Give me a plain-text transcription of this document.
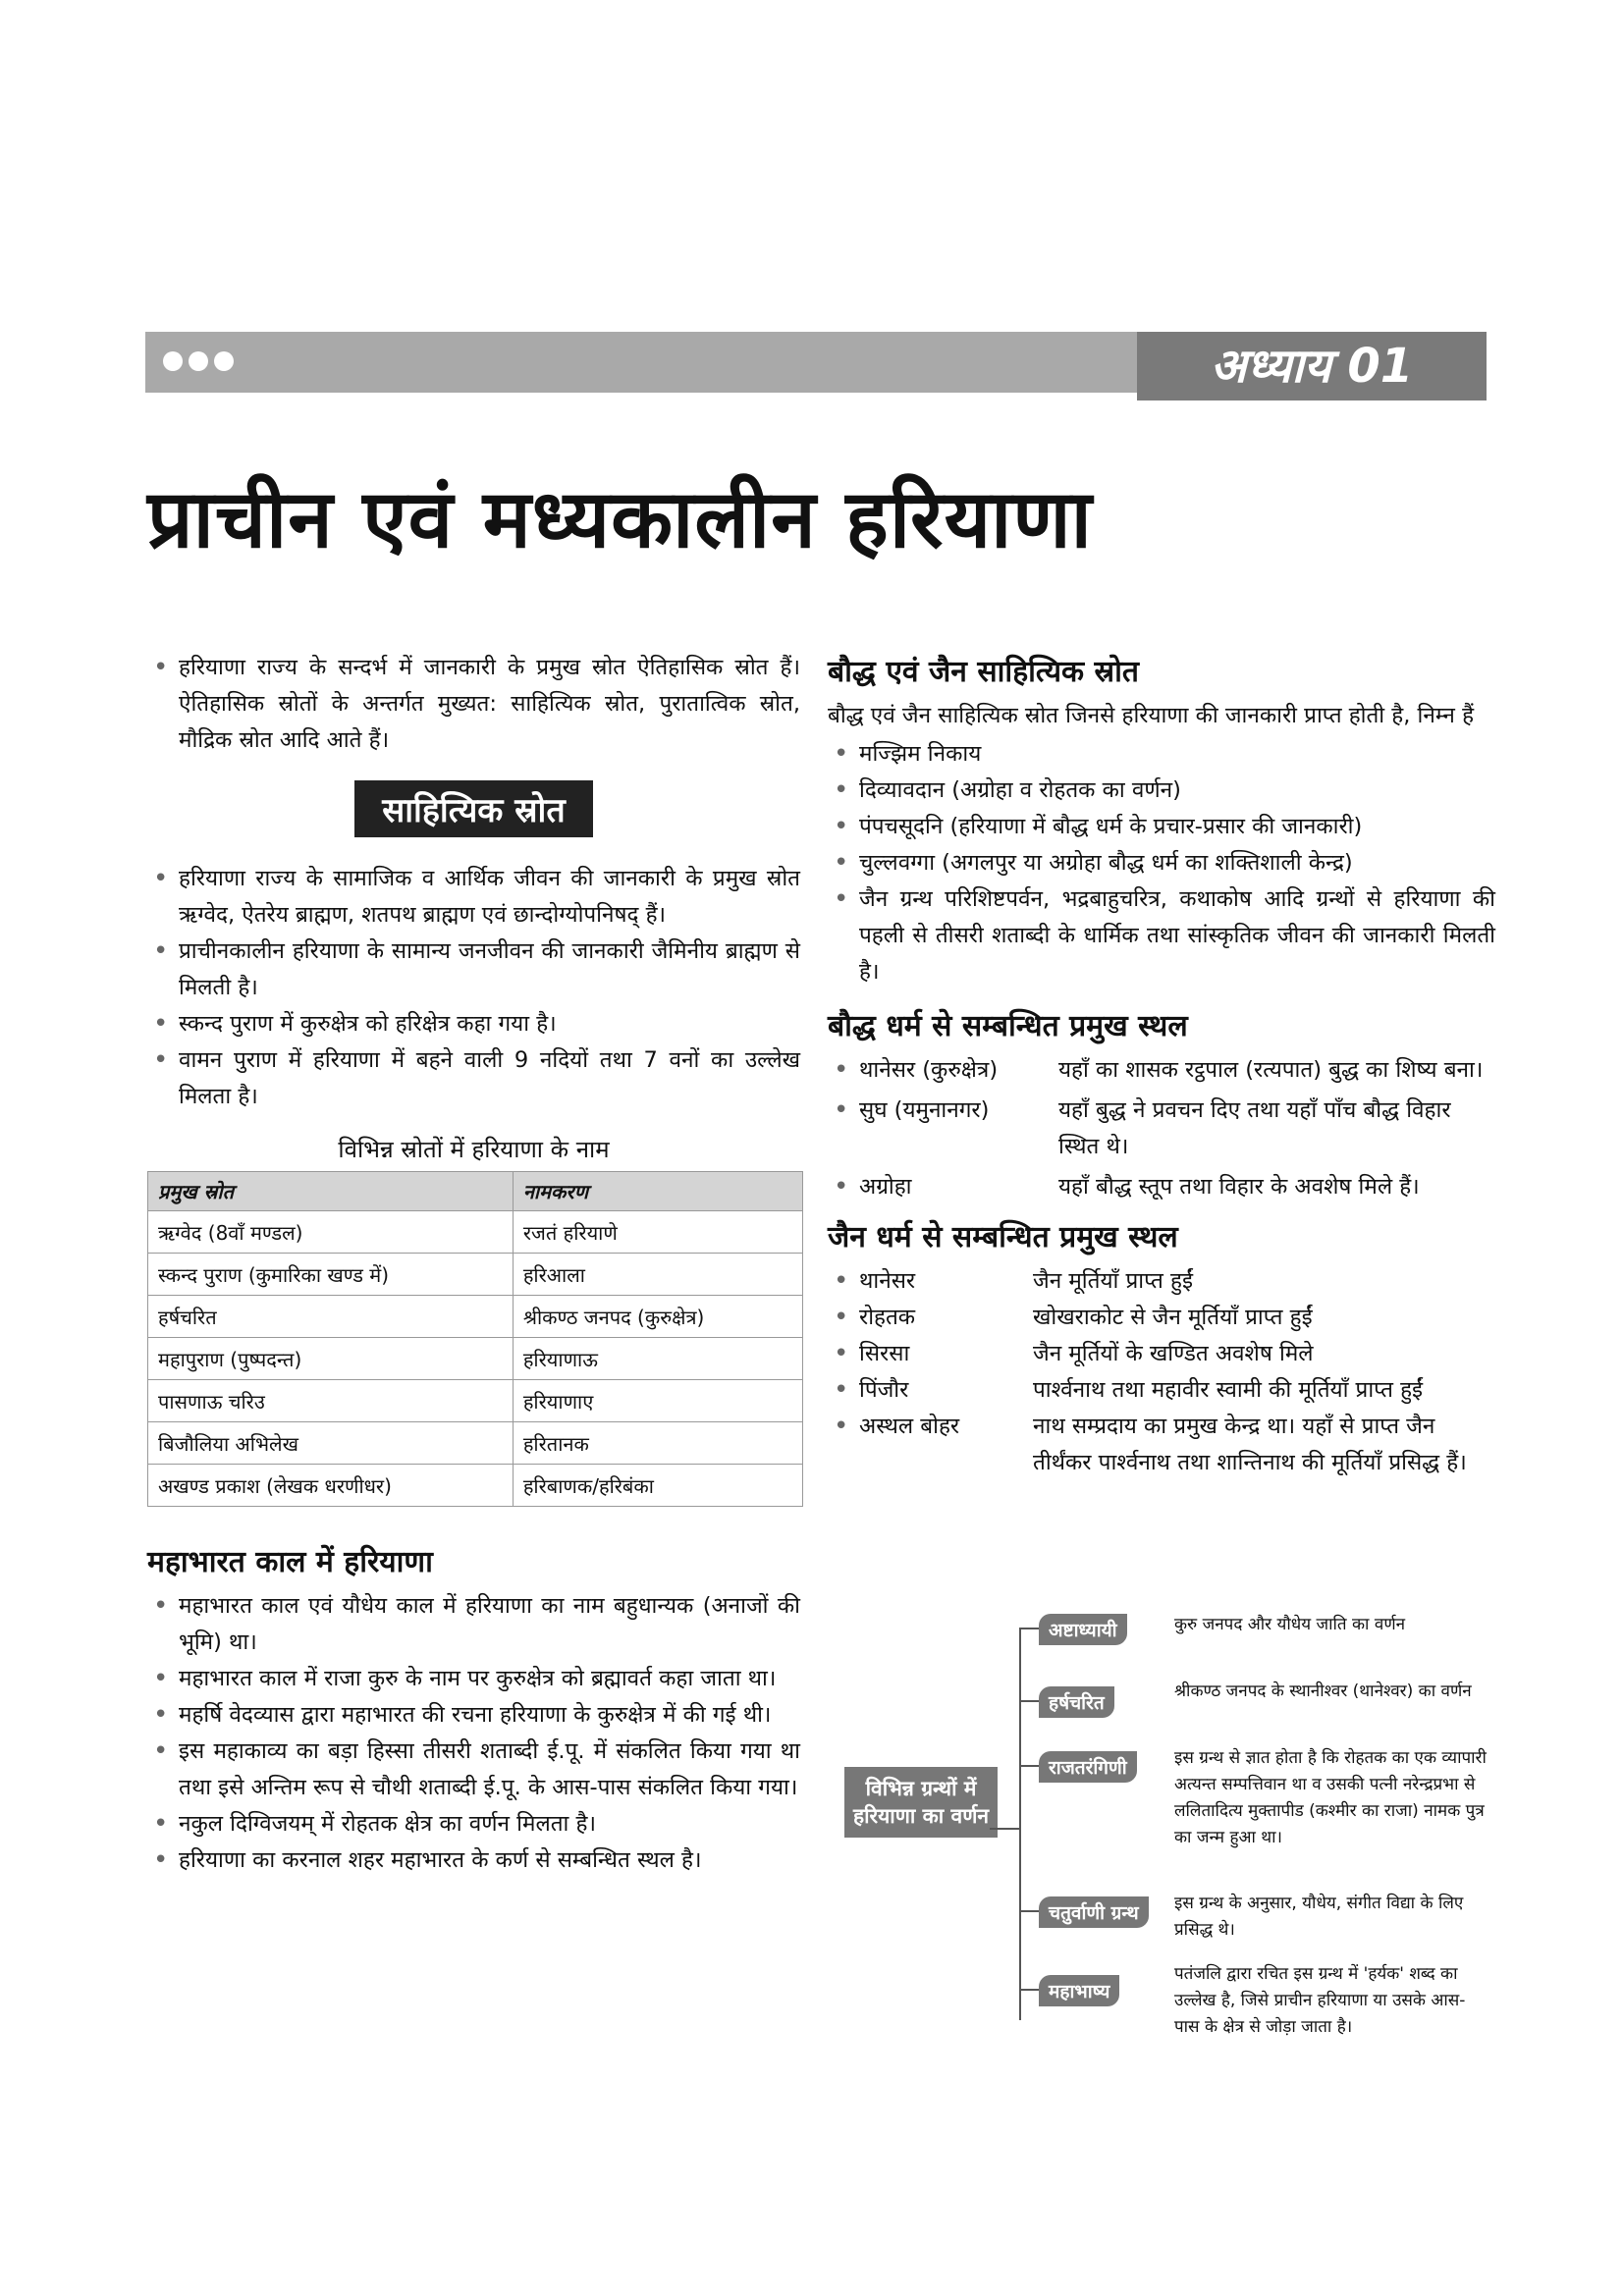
अध्याय 01
प्राचीन एवं मध्यकालीन हरियाणा
• हरियाणा राज्य के सन्दर्भ में जानकारी के प्रमुख स्रोत ऐतिहासिक स्रोत हैं। ऐतिहासिक स्रोतों के अन्तर्गत मुख्यत: साहित्यिक स्रोत, पुरातात्विक स्रोत, मौद्रिक स्रोत आदि आते हैं।
साहित्यिक स्रोत
• हरियाणा राज्य के सामाजिक व आर्थिक जीवन की जानकारी के प्रमुख स्रोत ऋग्वेद, ऐतरेय ब्राह्मण, शतपथ ब्राह्मण एवं छान्दोग्योपनिषद् हैं।
• प्राचीनकालीन हरियाणा के सामान्य जनजीवन की जानकारी जैमिनीय ब्राह्मण से मिलती है।
• स्कन्द पुराण में कुरुक्षेत्र को हरिक्षेत्र कहा गया है।
• वामन पुराण में हरियाणा में बहने वाली 9 नदियों तथा 7 वनों का उल्लेख मिलता है।
विभिन्न स्रोतों में हरियाणा के नाम
प्रमुख स्रोत	नामकरण
ऋग्वेद (8वाँ मण्डल)	रजतं हरियाणे
स्कन्द पुराण (कुमारिका खण्ड में)	हरिआला
हर्षचरित	श्रीकण्ठ जनपद (कुरुक्षेत्र)
महापुराण (पुष्पदन्त)	हरियाणाऊ
पासणाऊ चरिउ	हरियाणाए
बिजौलिया अभिलेख	हरितानक
अखण्ड प्रकाश (लेखक धरणीधर)	हरिबाणक/हरिबंका
महाभारत काल में हरियाणा
• महाभारत काल एवं यौधेय काल में हरियाणा का नाम बहुधान्यक (अनाजों की भूमि) था।
• महाभारत काल में राजा कुरु के नाम पर कुरुक्षेत्र को ब्रह्मावर्त कहा जाता था।
• महर्षि वेदव्यास द्वारा महाभारत की रचना हरियाणा के कुरुक्षेत्र में की गई थी।
• इस महाकाव्य का बड़ा हिस्सा तीसरी शताब्दी ई.पू. में संकलित किया गया था तथा इसे अन्तिम रूप से चौथी शताब्दी ई.पू. के आस-पास संकलित किया गया।
• नकुल दिग्विजयम् में रोहतक क्षेत्र का वर्णन मिलता है।
• हरियाणा का करनाल शहर महाभारत के कर्ण से सम्बन्धित स्थल है।
बौद्ध एवं जैन साहित्यिक स्रोत

बौद्ध एवं जैन साहित्यिक स्रोत जिनसे हरियाणा की जानकारी प्राप्त होती है, निम्न हैं

• मज्झिम निकाय
• दिव्यावदान (अग्रोहा व रोहतक का वर्णन)
• पंपचसूदनि (हरियाणा में बौद्ध धर्म के प्रचार-प्रसार की जानकारी)
• चुल्लवग्गा (अगलपुर या अग्रोहा बौद्ध धर्म का शक्तिशाली केन्द्र)
• जैन ग्रन्थ परिशिष्टपर्वन, भद्रबाहुचरित्र, कथाकोष आदि ग्रन्थों से हरियाणा की पहली से तीसरी शताब्दी के धार्मिक तथा सांस्कृतिक जीवन की जानकारी मिलती है।
बौद्ध धर्म से सम्बन्धित प्रमुख स्थल
• थानेसर (कुरुक्षेत्र)	यहाँ का शासक रट्ठपाल (रत्यपात) बुद्ध का शिष्य बना।
• सुघ (यमुनानगर)	यहाँ बुद्ध ने प्रवचन दिए तथा यहाँ पाँच बौद्ध विहार स्थित थे।
• अग्रोहा	यहाँ बौद्ध स्तूप तथा विहार के अवशेष मिले हैं।
जैन धर्म से सम्बन्धित प्रमुख स्थल
• थानेसर	जैन मूर्तियाँ प्राप्त हुईं
• रोहतक	खोखराकोट से जैन मूर्तियाँ प्राप्त हुईं
• सिरसा	जैन मूर्तियों के खण्डित अवशेष मिले
• पिंजौर	पार्श्वनाथ तथा महावीर स्वामी की मूर्तियाँ प्राप्त हुईं
• अस्थल बोहर	नाथ सम्प्रदाय का प्रमुख केन्द्र था। यहाँ से प्राप्त जैन तीर्थंकर पार्श्वनाथ तथा शान्तिनाथ की मूर्तियाँ प्रसिद्ध हैं।
विभिन्न ग्रन्थों में हरियाणा का वर्णन
अष्टाध्यायी	कुरु जनपद और यौधेय जाति का वर्णन
हर्षचरित
श्रीकण्ठ जनपद के स्थानीश्वर (थानेश्वर) का वर्णन
राजतरंगिणी	इस ग्रन्थ से ज्ञात होता है कि रोहतक का एक व्यापारी अत्यन्त सम्पत्तिवान था व उसकी पत्नी नरेन्द्रप्रभा से ललितादित्य मुक्तापीड (कश्मीर का राजा) नामक पुत्र का जन्म हुआ था।
चतुर्वाणी ग्रन्थ	इस ग्रन्थ के अनुसार, यौधेय, संगीत विद्या के लिए प्रसिद्ध थे।
महाभाष्य
पतंजलि द्वारा रचित इस ग्रन्थ में 'हर्यक' शब्द का उल्लेख है, जिसे प्राचीन हरियाणा या उसके आस-पास के क्षेत्र से जोड़ा जाता है।
